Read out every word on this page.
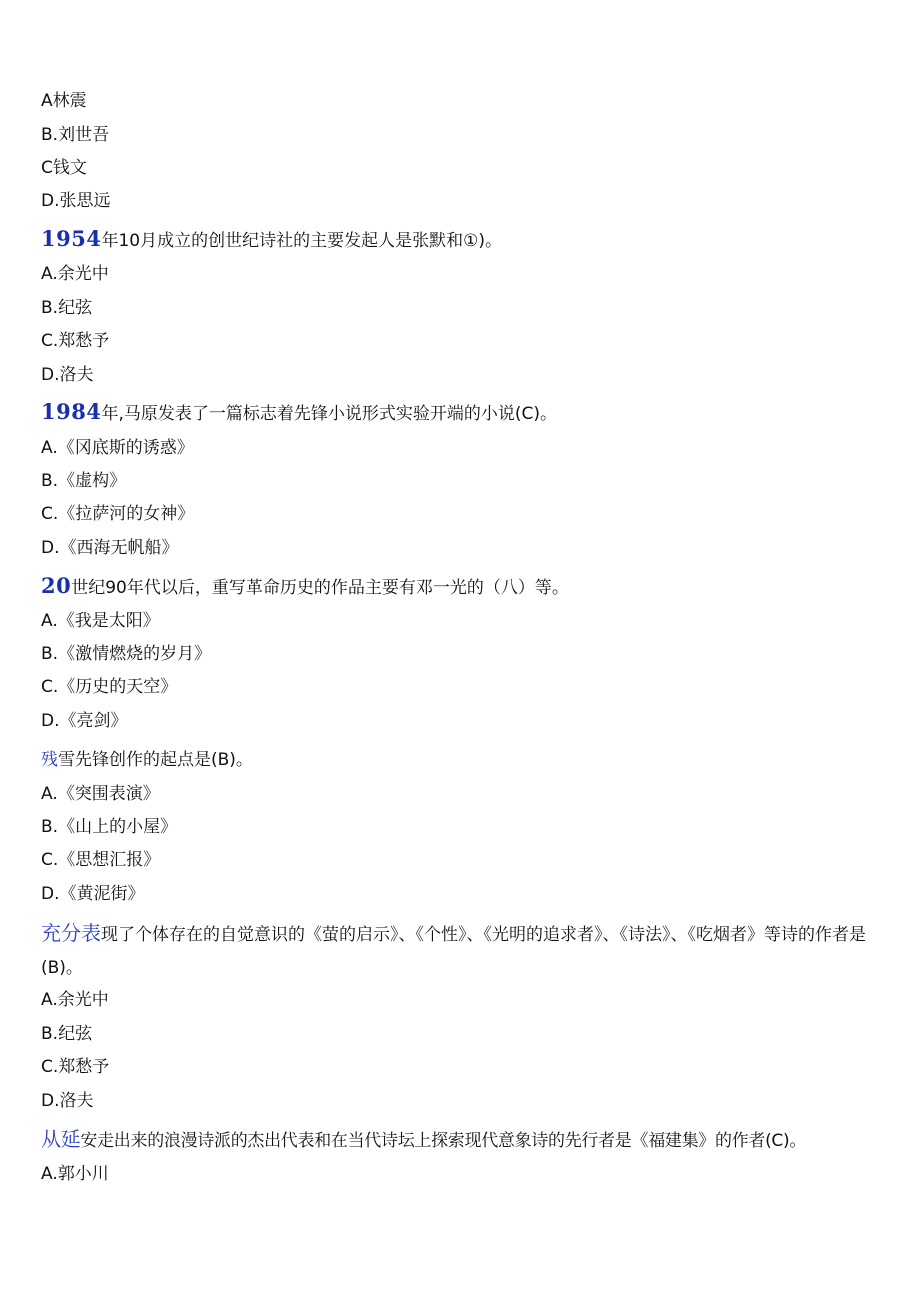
A林震
B.刘世吾
C钱文
D.张思远
1954年10月成立的创世纪诗社的主要发起人是张默和①)。
A.余光中
B.纪弦
C.郑愁予
D.洛夫
1984年,马原发表了一篇标志着先锋小说形式实验开端的小说(C)。
A.《冈底斯的诱惑》
B.《虚构》
C.《拉萨河的女神》
D.《西海无帆船》
20世纪90年代以后，重写革命历史的作品主要有邓一光的（八）等。
A.《我是太阳》
B.《激情燃烧的岁月》
C.《历史的天空》
D.《亮剑》
残雪先锋创作的起点是(B)。
A.《突围表演》
B.《山上的小屋》
C.《思想汇报》
D.《黄泥街》
充分表现了个体存在的自觉意识的《萤的启示》、《个性》、《光明的追求者》、《诗法》、《吃烟者》等诗的作者是(B)。
A.余光中
B.纪弦
C.郑愁予
D.洛夫
从延安走出来的浪漫诗派的杰出代表和在当代诗坛上探索现代意象诗的先行者是《福建集》的作者(C)。
A.郭小川
